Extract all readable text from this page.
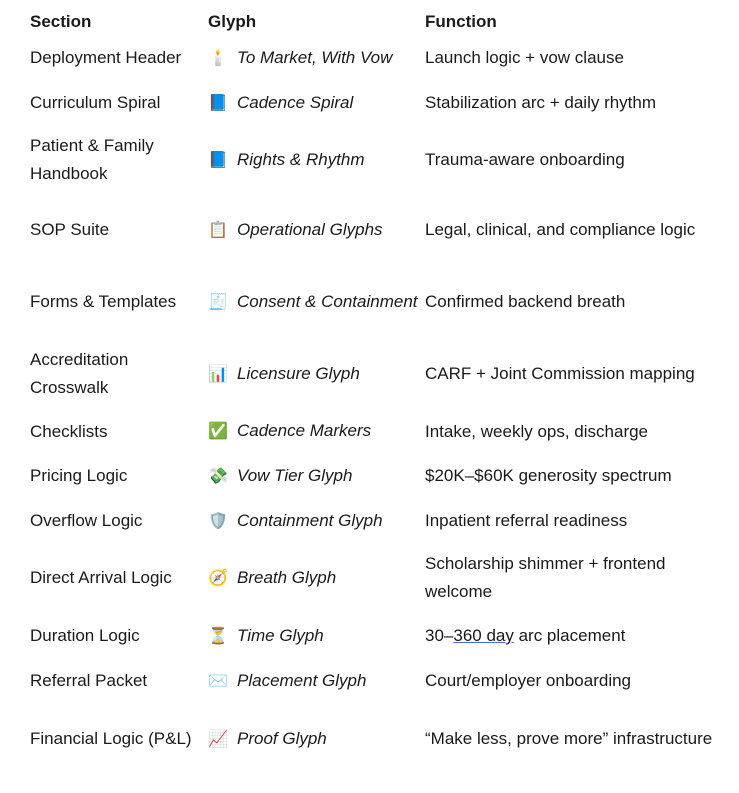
Section	Glyph	Function
Deployment Header	🕯️ To Market, With Vow	Launch logic + vow clause
Curriculum Spiral	📘 Cadence Spiral	Stabilization arc + daily rhythm
Patient & Family Handbook	📘 Rights & Rhythm	Trauma-aware onboarding
SOP Suite	📋 Operational Glyphs	Legal, clinical, and compliance logic
Forms & Templates	🧾 Consent & Containment	Confirmed backend breath
Accreditation Crosswalk	📊 Licensure Glyph	CARF + Joint Commission mapping
Checklists	✅ Cadence Markers	Intake, weekly ops, discharge
Pricing Logic	💸 Vow Tier Glyph	$20K–$60K generosity spectrum
Overflow Logic	🛡️ Containment Glyph	Inpatient referral readiness
Direct Arrival Logic	🧭 Breath Glyph	Scholarship shimmer + frontend welcome
Duration Logic	⏳ Time Glyph	30–360 day arc placement
Referral Packet	✉️ Placement Glyph	Court/employer onboarding
Financial Logic (P&L)	📈 Proof Glyph	“Make less, prove more” infrastructure
